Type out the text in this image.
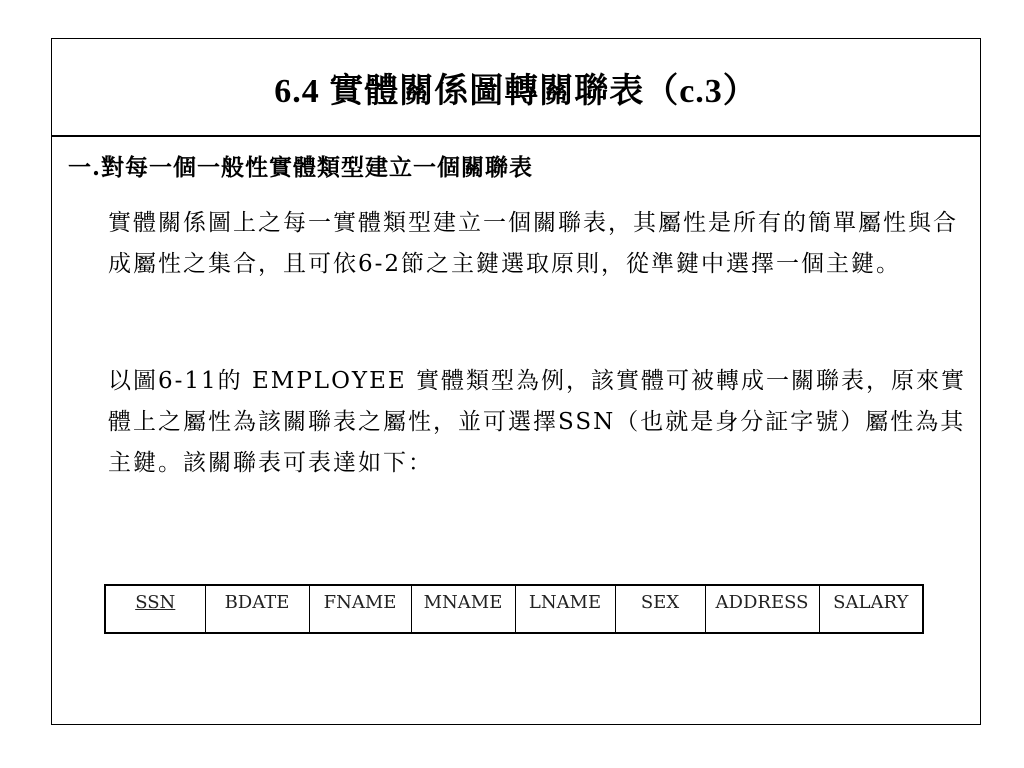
6.4 實體關係圖轉關聯表（c.3）
一.對每一個一般性實體類型建立一個關聯表

實體關係圖上之每一實體類型建立一個關聯表，其屬性是所有的簡單屬性與合成屬性之集合，且可依6-2節之主鍵選取原則，從準鍵中選擇一個主鍵。

以圖6-11的 EMPLOYEE 實體類型為例，該實體可被轉成一關聯表，原來實體上之屬性為該關聯表之屬性，並可選擇SSN（也就是身分証字號）屬性為其主鍵。該關聯表可表達如下：

SSN	BDATE	FNAME	MNAME	LNAME	SEX	ADDRESS	SALARY
